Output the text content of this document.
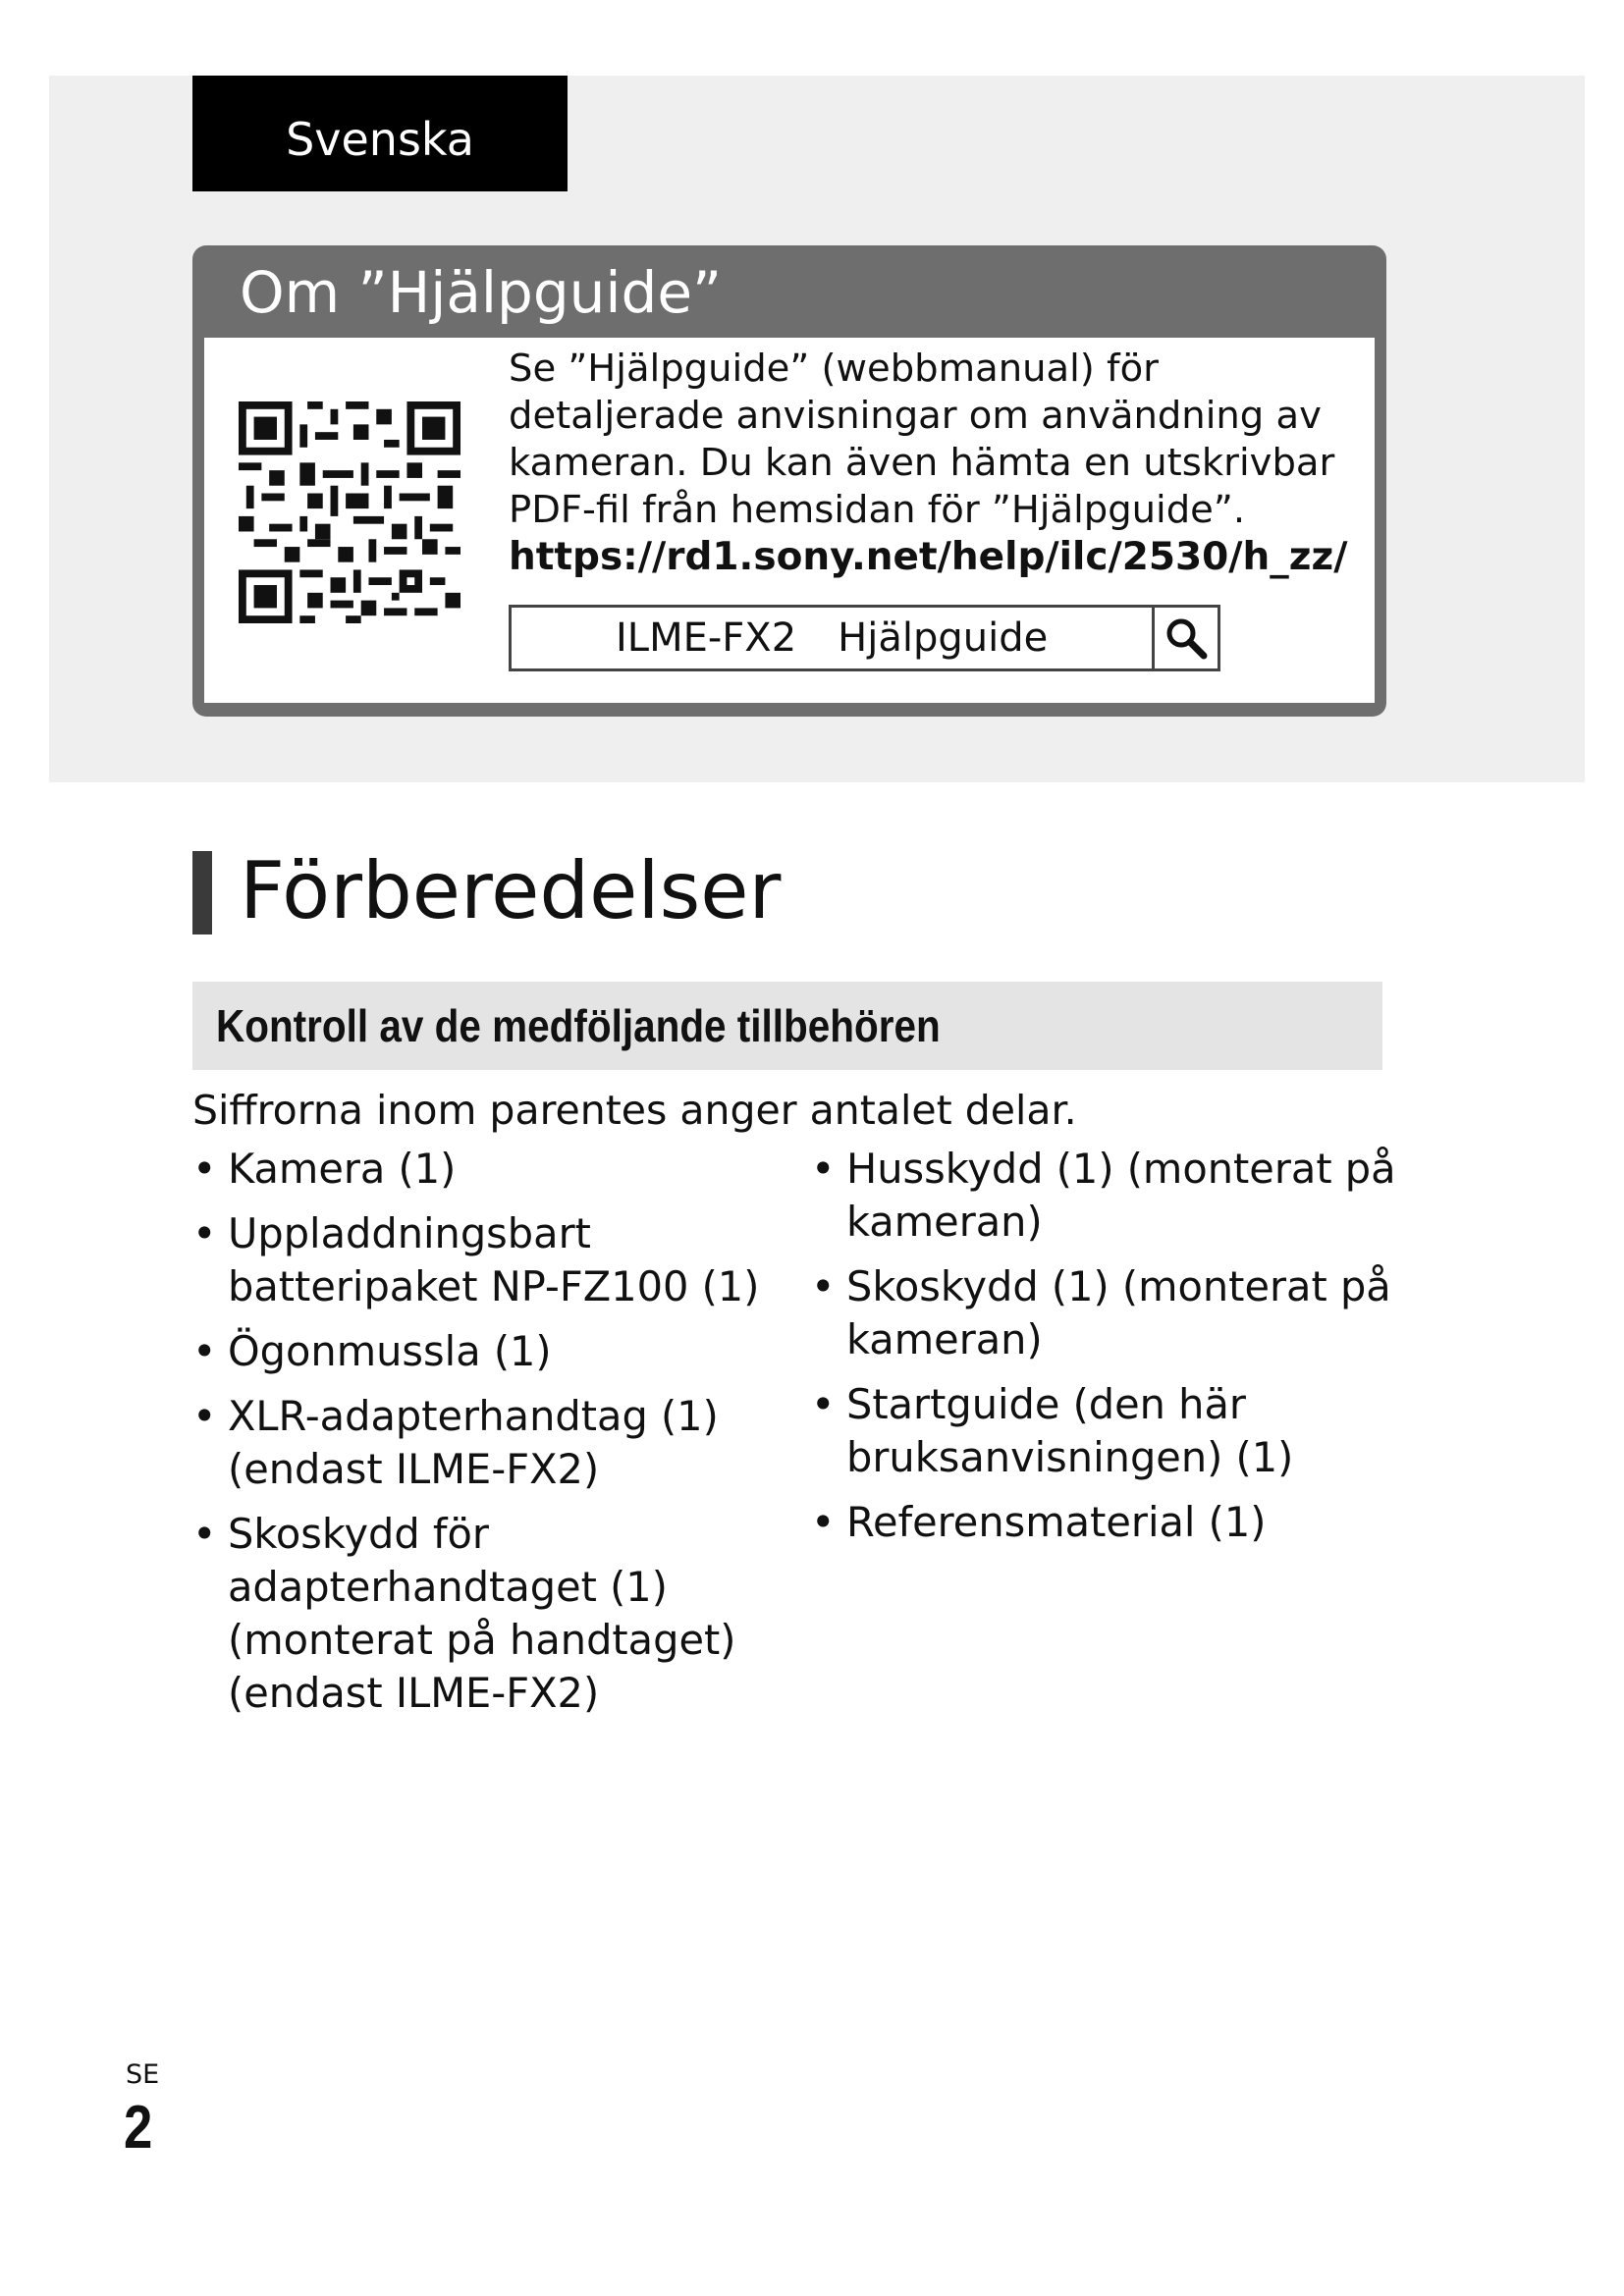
Svenska
Om ”Hjälpguide”
Se ”Hjälpguide” (webbmanual) för detaljerade anvisningar om användning av kameran. Du kan även hämta en utskrivbar PDF-fil från hemsidan för ”Hjälpguide”.
https://rd1.sony.net/help/ilc/2530/h_zz/
ILME-FX2 Hjälpguide
Förberedelser
Kontroll av de medföljande tillbehören
Siffrorna inom parentes anger antalet delar.
• Kamera (1)
• Uppladdningsbart batteripaket NP-FZ100 (1)
• Ögonmussla (1)
• XLR-adapterhandtag (1) (endast ILME-FX2)
• Skoskydd för adapterhandtaget (1) (monterat på handtaget) (endast ILME-FX2)
• Husskydd (1) (monterat på kameran)
• Skoskydd (1) (monterat på kameran)
• Startguide (den här bruksanvisningen) (1)
• Referensmaterial (1)
SE
2
